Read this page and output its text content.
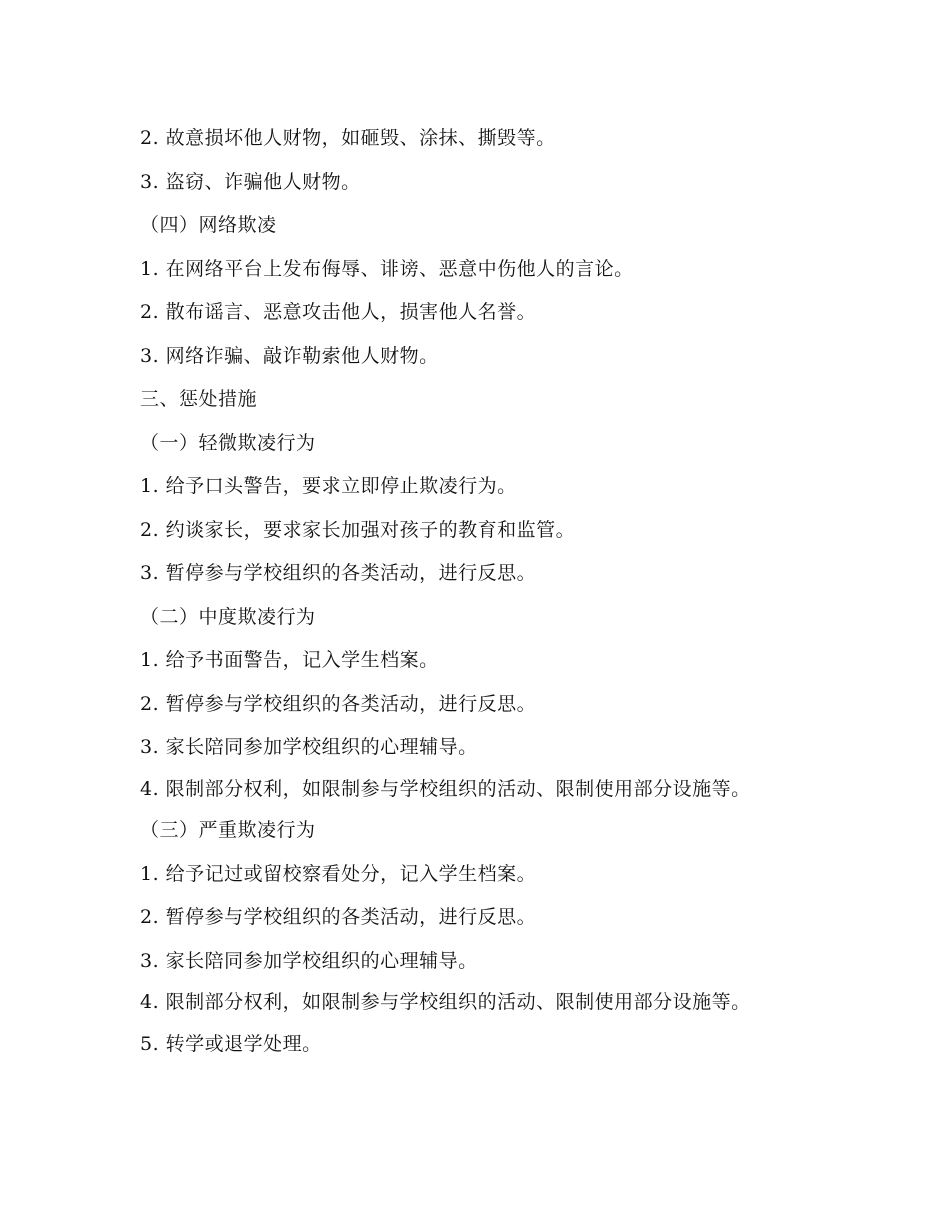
2. 故意损坏他人财物，如砸毁、涂抹、撕毁等。

3. 盗窃、诈骗他人财物。

（四）网络欺凌

1. 在网络平台上发布侮辱、诽谤、恶意中伤他人的言论。

2. 散布谣言、恶意攻击他人，损害他人名誉。

3. 网络诈骗、敲诈勒索他人财物。

三、惩处措施

（一）轻微欺凌行为

1. 给予口头警告，要求立即停止欺凌行为。

2. 约谈家长，要求家长加强对孩子的教育和监管。

3. 暂停参与学校组织的各类活动，进行反思。

（二）中度欺凌行为

1. 给予书面警告，记入学生档案。

2. 暂停参与学校组织的各类活动，进行反思。

3. 家长陪同参加学校组织的心理辅导。

4. 限制部分权利，如限制参与学校组织的活动、限制使用部分设施等。

（三）严重欺凌行为

1. 给予记过或留校察看处分，记入学生档案。

2. 暂停参与学校组织的各类活动，进行反思。

3. 家长陪同参加学校组织的心理辅导。

4. 限制部分权利，如限制参与学校组织的活动、限制使用部分设施等。

5. 转学或退学处理。
